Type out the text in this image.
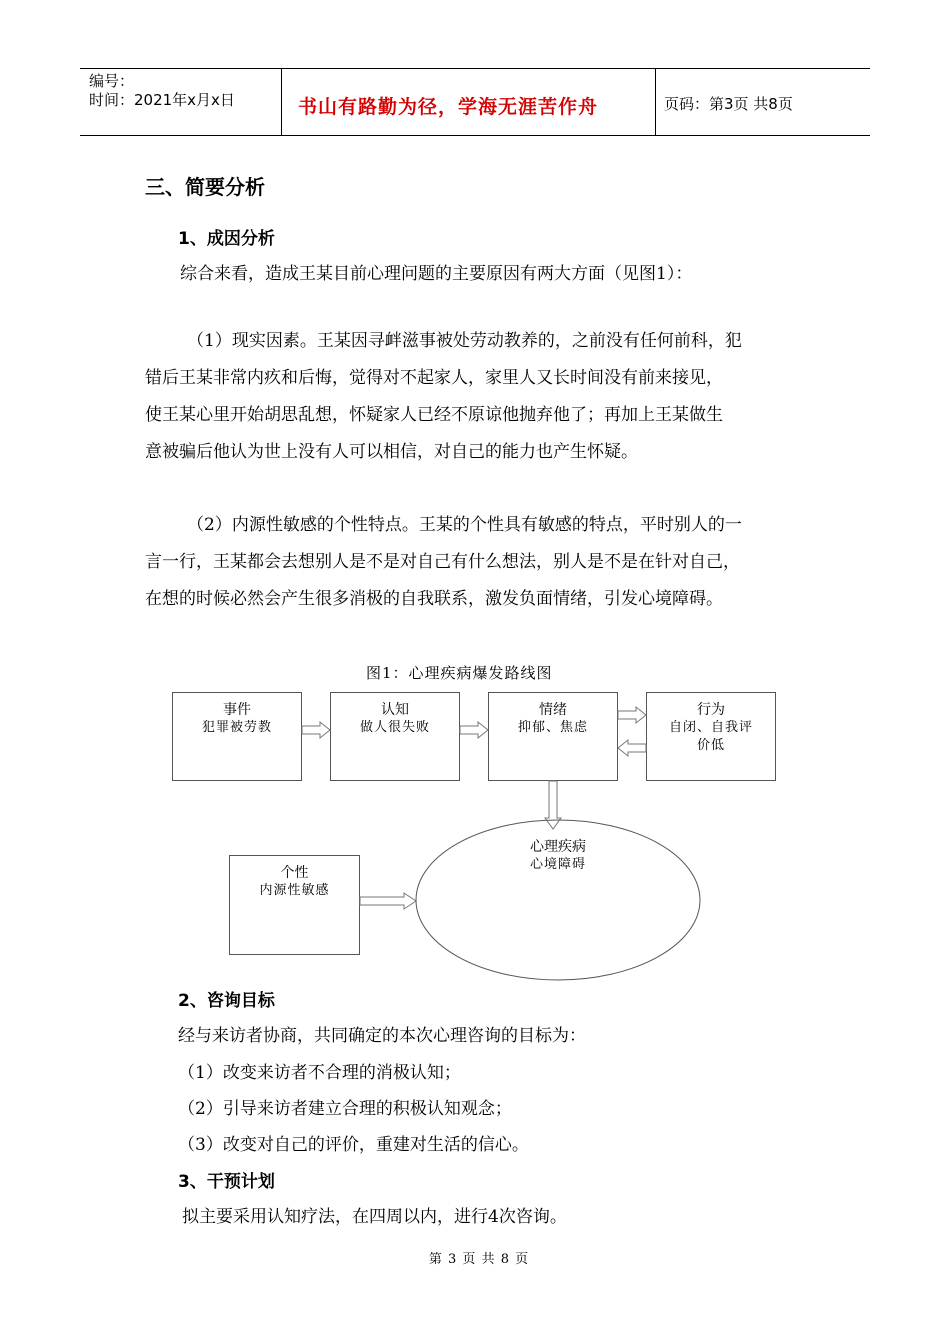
编号：
时间：2021年x月x日	书山有路勤为径，学海无涯苦作舟	页码：第3页 共8页
三、简要分析
1、成因分析
综合来看，造成王某目前心理问题的主要原因有两大方面（见图1）：
（1）现实因素。王某因寻衅滋事被处劳动教养的，之前没有任何前科，犯
错后王某非常内疚和后悔，觉得对不起家人，家里人又长时间没有前来接见，
使王某心里开始胡思乱想，怀疑家人已经不原谅他抛弃他了；再加上王某做生
意被骗后他认为世上没有人可以相信，对自己的能力也产生怀疑。
（2）内源性敏感的个性特点。王某的个性具有敏感的特点，平时别人的一
言一行，王某都会去想别人是不是对自己有什么想法，别人是不是在针对自己，
在想的时候必然会产生很多消极的自我联系，激发负面情绪，引发心境障碍。
图1：心理疾病爆发路线图
事件
犯罪被劳教
认知
做人很失败
情绪
抑郁、焦虑
行为
自闭、自我评
价低
个性
内源性敏感
心理疾病
心境障碍
2、咨询目标
经与来访者协商，共同确定的本次心理咨询的目标为：
（1）改变来访者不合理的消极认知；
（2）引导来访者建立合理的积极认知观念；
（3）改变对自己的评价，重建对生活的信心。
3、干预计划
拟主要采用认知疗法，在四周以内，进行4次咨询。
第 3 页 共 8 页
